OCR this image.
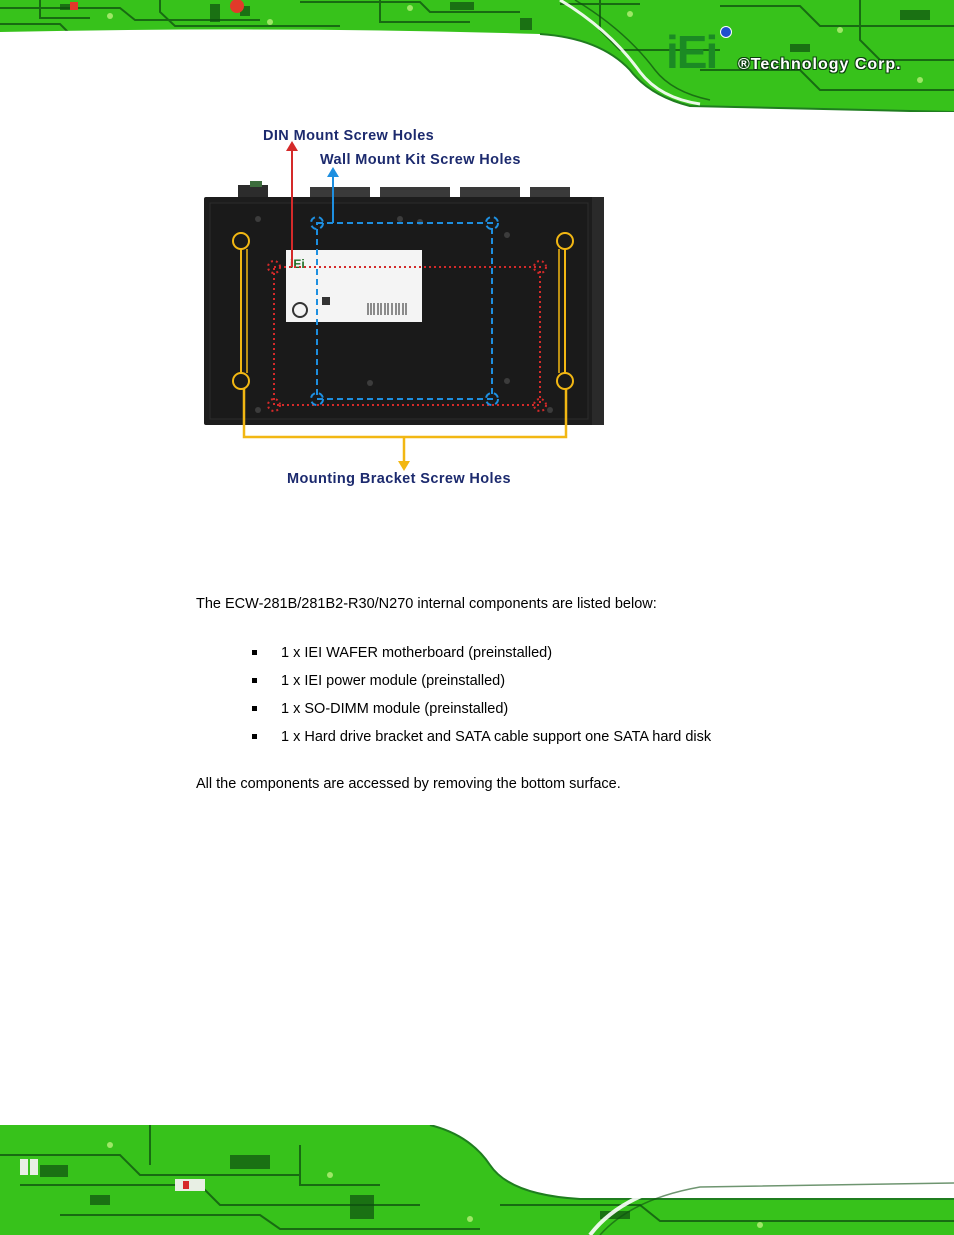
iEi	®Technology Corp.
iEi
DIN Mount Screw Holes
Wall Mount Kit Screw Holes
Mounting Bracket Screw Holes
The ECW-281B/281B2-R30/N270 internal components are listed below:
1 x IEI WAFER motherboard (preinstalled)
1 x IEI power module (preinstalled)
1 x SO-DIMM module (preinstalled)
1 x Hard drive bracket and SATA cable support one SATA hard disk
All the components are accessed by removing the bottom surface.
